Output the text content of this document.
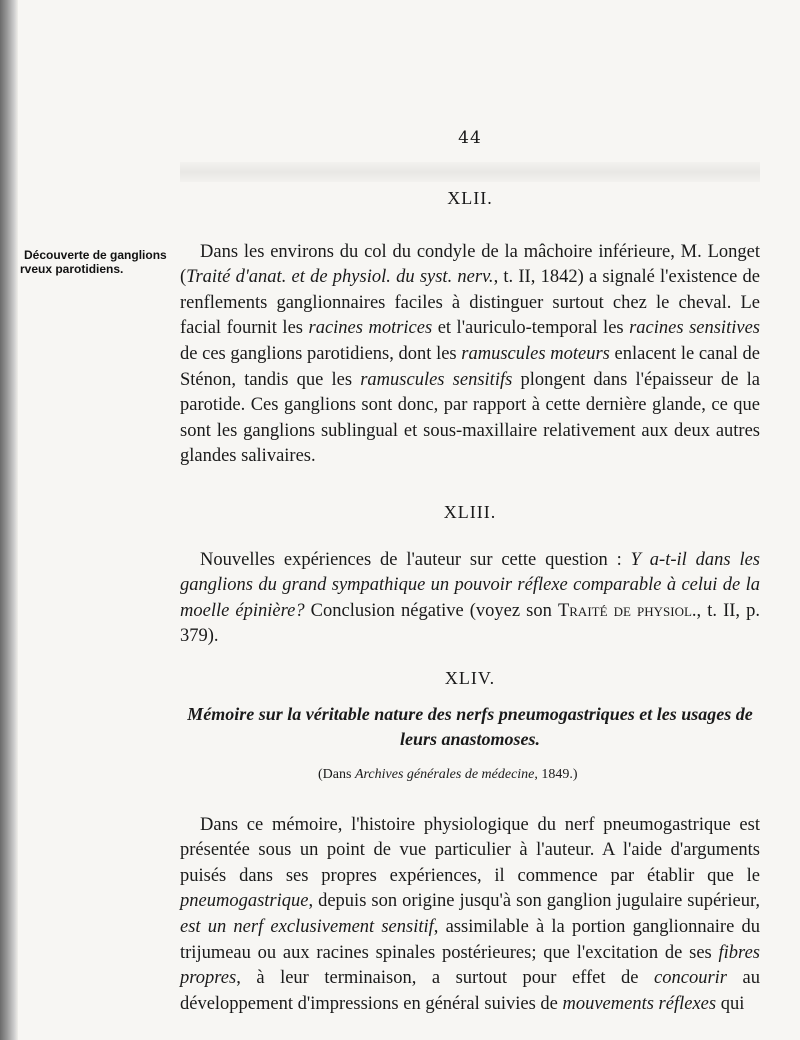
44
Découverte de ganglions
rveux parotidiens.

XLII.

Dans les environs du col du condyle de la mâchoire inférieure, M. Longet (Traité d'anat. et de physiol. du syst. nerv., t. II, 1842) a signalé l'existence de renflements ganglionnaires faciles à distinguer surtout chez le cheval. Le facial fournit les racines motrices et l'auriculo-temporal les racines sensitives de ces ganglions parotidiens, dont les ramuscules moteurs enlacent le canal de Sténon, tandis que les ramuscules sensitifs plongent dans l'épaisseur de la parotide. Ces ganglions sont donc, par rapport à cette dernière glande, ce que sont les ganglions sublingual et sous-maxillaire relativement aux deux autres glandes salivaires.

XLIII.

Nouvelles expériences de l'auteur sur cette question : Y a-t-il dans les ganglions du grand sympathique un pouvoir réflexe comparable à celui de la moelle épinière? Conclusion négative (voyez son Traité de physiol., t. II, p. 379).

XLIV.

Mémoire sur la véritable nature des nerfs pneumogastriques et les usages de leurs anastomoses.

(Dans Archives générales de médecine, 1849.)

Dans ce mémoire, l'histoire physiologique du nerf pneumogastrique est présentée sous un point de vue particulier à l'auteur. A l'aide d'arguments puisés dans ses propres expériences, il commence par établir que le pneumogastrique, depuis son origine jusqu'à son ganglion jugulaire supérieur, est un nerf exclusivement sensitif, assimilable à la portion ganglionnaire du trijumeau ou aux racines spinales postérieures; que l'excitation de ses fibres propres, à leur terminaison, a surtout pour effet de concourir au développement d'impressions en général suivies de mouvements réflexes qui
